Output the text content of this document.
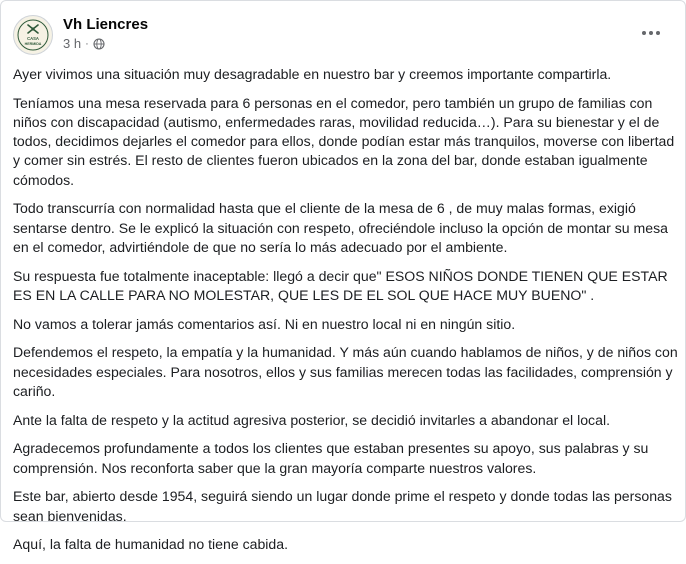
CASA
HERMIDA
Vh Liencres
3 h ·

Ayer vivimos una situación muy desagradable en nuestro bar y creemos importante compartirla.

Teníamos una mesa reservada para 6 personas en el comedor, pero también un grupo de familias con niños con discapacidad (autismo, enfermedades raras, movilidad reducida…). Para su bienestar y el de todos, decidimos dejarles el comedor para ellos, donde podían estar más tranquilos, moverse con libertad y comer sin estrés. El resto de clientes fueron ubicados en la zona del bar, donde estaban igualmente cómodos.

Todo transcurría con normalidad hasta que el cliente de la mesa de 6 , de muy malas formas, exigió sentarse dentro. Se le explicó la situación con respeto, ofreciéndole incluso la opción de montar su mesa en el comedor, advirtiéndole de que no sería lo más adecuado por el ambiente.

Su respuesta fue totalmente inaceptable: llegó a decir que" ESOS NIÑOS DONDE TIENEN QUE ESTAR ES EN LA CALLE PARA NO MOLESTAR, QUE LES DE EL SOL QUE HACE MUY BUENO" .

No vamos a tolerar jamás comentarios así. Ni en nuestro local ni en ningún sitio.

Defendemos el respeto, la empatía y la humanidad. Y más aún cuando hablamos de niños, y de niños con necesidades especiales. Para nosotros, ellos y sus familias merecen todas las facilidades, comprensión y cariño.

Ante la falta de respeto y la actitud agresiva posterior, se decidió invitarles a abandonar el local.

Agradecemos profundamente a todos los clientes que estaban presentes su apoyo, sus palabras y su comprensión. Nos reconforta saber que la gran mayoría comparte nuestros valores.

Este bar, abierto desde 1954, seguirá siendo un lugar donde prime el respeto y donde todas las personas sean bienvenidas.

Aquí, la falta de humanidad no tiene cabida.
